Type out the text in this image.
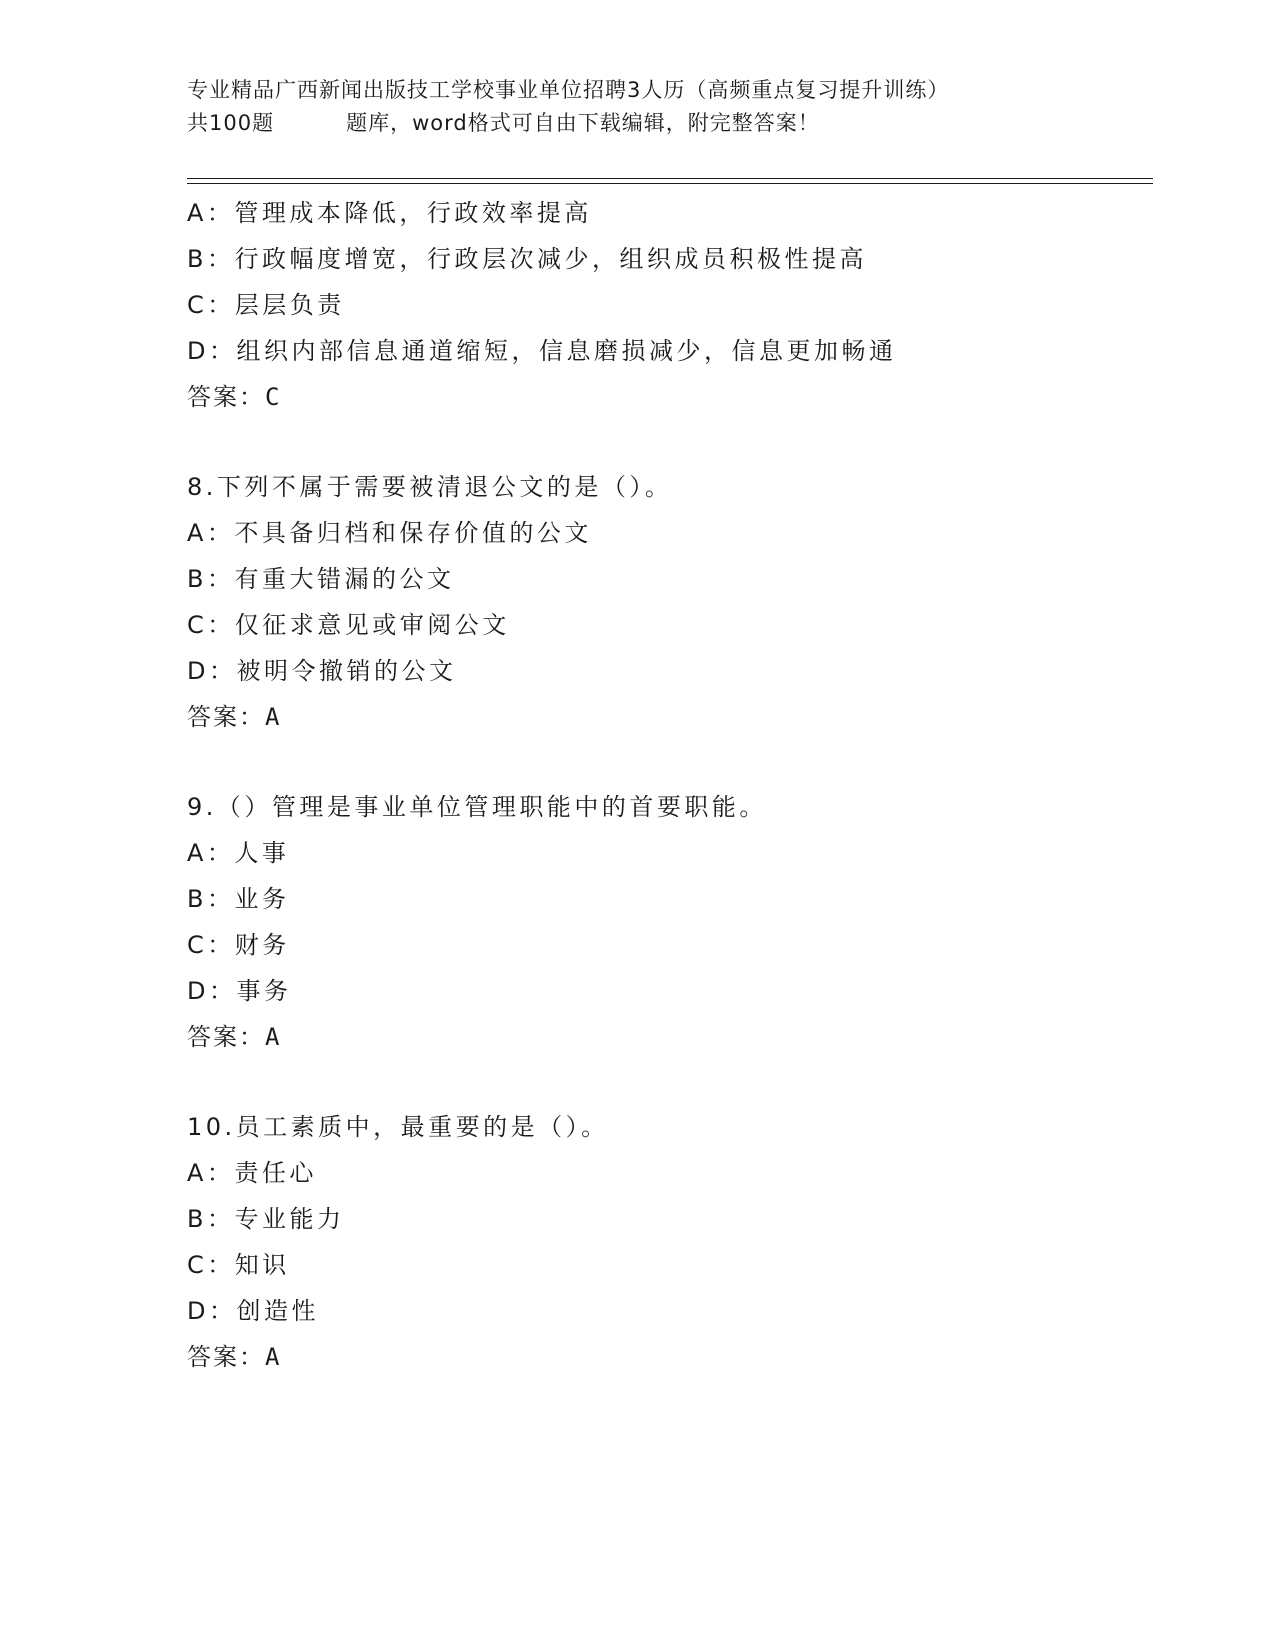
专业精品广西新闻出版技工学校事业单位招聘3人历（高频重点复习提升训练）
共100题	题库，word格式可自由下载编辑，附完整答案！
A：管理成本降低，行政效率提高
B：行政幅度增宽，行政层次减少，组织成员积极性提高
C：层层负责
D：组织内部信息通道缩短，信息磨损减少，信息更加畅通
答案：C
8.下列不属于需要被清退公文的是（）。
A：不具备归档和保存价值的公文
B：有重大错漏的公文
C：仅征求意见或审阅公文
D：被明令撤销的公文
答案：A
9.（）管理是事业单位管理职能中的首要职能。
A：人事
B：业务
C：财务
D：事务
答案：A
10.员工素质中，最重要的是（）。
A：责任心
B：专业能力
C：知识
D：创造性
答案：A
